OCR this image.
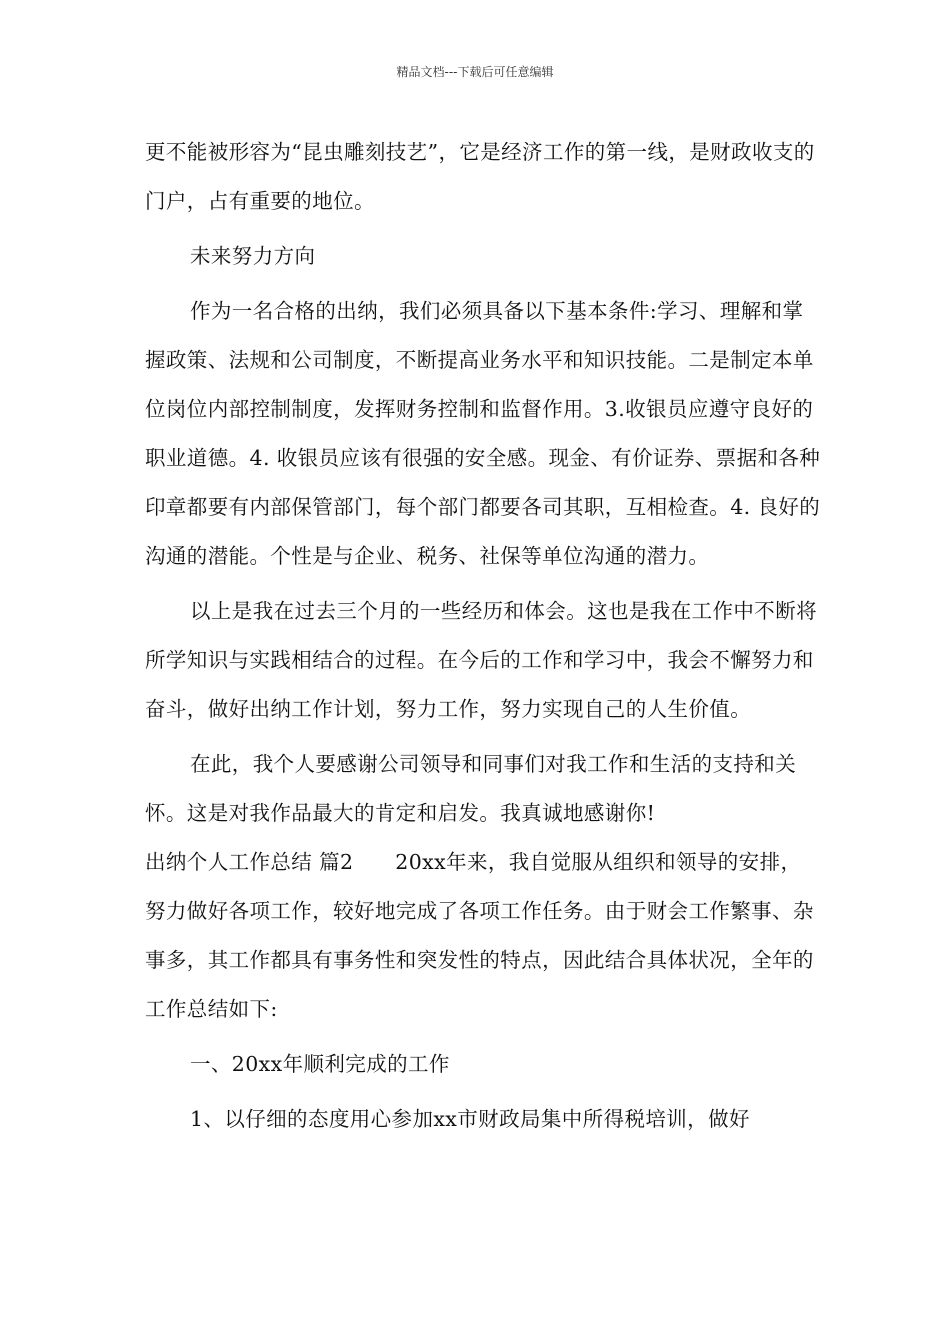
精品文档---下载后可任意编辑

更不能被形容为“昆虫雕刻技艺”，它是经济工作的第一线，是财政收支的门户，占有重要的地位。

未来努力方向

作为一名合格的出纳，我们必须具备以下基本条件:学习、理解和掌握政策、法规和公司制度，不断提高业务水平和知识技能。二是制定本单位岗位内部控制制度，发挥财务控制和监督作用。3.收银员应遵守良好的职业道德。4. 收银员应该有很强的安全感。现金、有价证券、票据和各种印章都要有内部保管部门，每个部门都要各司其职，互相检查。4. 良好的沟通的潜能。个性是与企业、税务、社保等单位沟通的潜力。

以上是我在过去三个月的一些经历和体会。这也是我在工作中不断将所学知识与实践相结合的过程。在今后的工作和学习中，我会不懈努力和奋斗，做好出纳工作计划，努力工作，努力实现自己的人生价值。

在此，我个人要感谢公司领导和同事们对我工作和生活的支持和关怀。这是对我作品最大的肯定和启发。我真诚地感谢你!

出纳个人工作总结 篇2　　20xx年来，我自觉服从组织和领导的安排，努力做好各项工作，较好地完成了各项工作任务。由于财会工作繁事、杂事多，其工作都具有事务性和突发性的特点，因此结合具体状况，全年的工作总结如下:

一、20xx年顺利完成的工作

1、以仔细的态度用心参加xx市财政局集中所得税培训，做好
